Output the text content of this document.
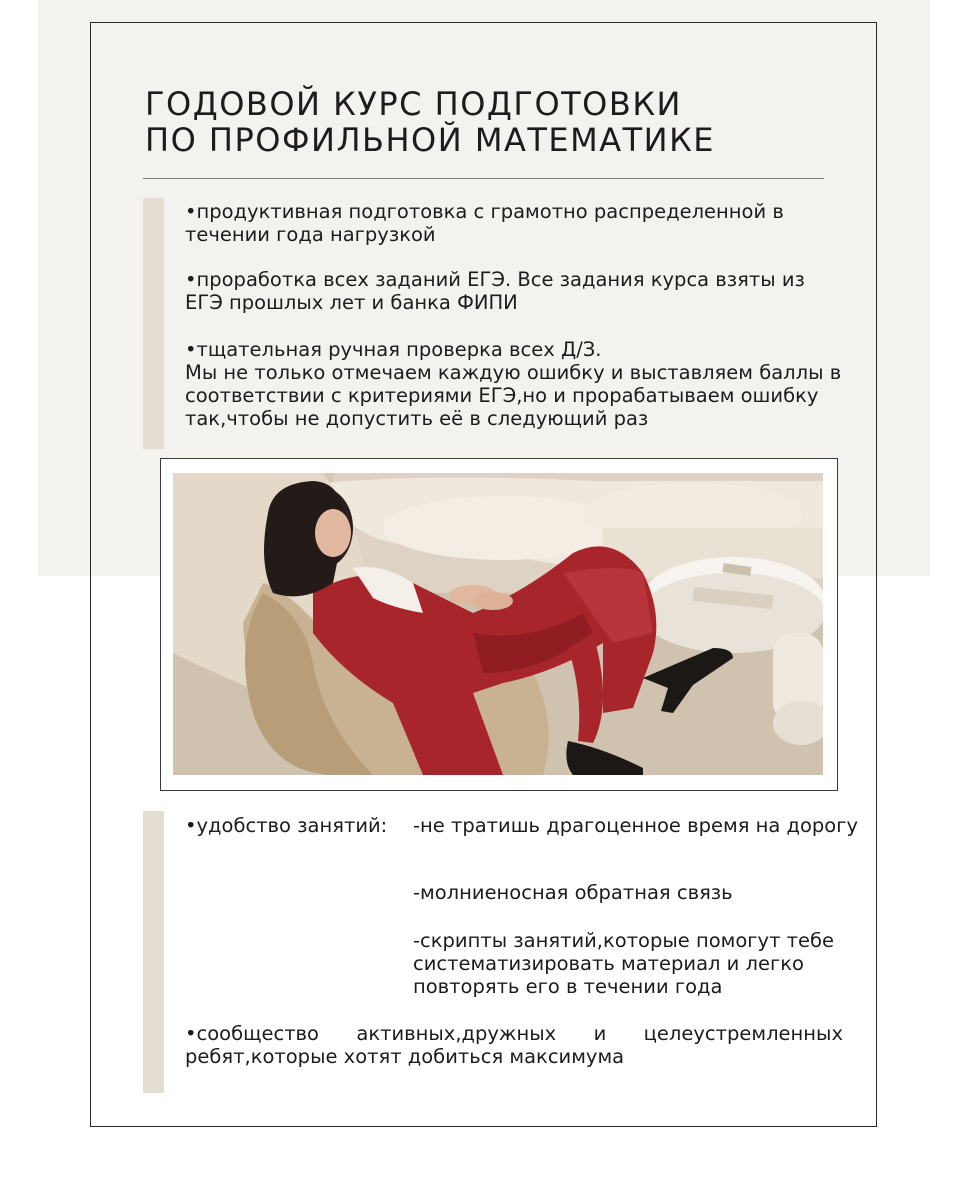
ГОДОВОЙ КУРС ПОДГОТОВКИ
ПО ПРОФИЛЬНОЙ МАТЕМАТИКЕ

•продуктивная подготовка с грамотно распределенной в течении года нагрузкой

•проработка всех заданий ЕГЭ. Все задания курса взяты из ЕГЭ прошлых лет и банка ФИПИ

•тщательная ручная проверка всех Д/З.

Мы не только отмечаем каждую ошибку и выставляем баллы в соответствии с критериями ЕГЭ,но и прорабатываем ошибку так,чтобы не допустить её в следующий раз

•удобство занятий: -не тратишь драгоценное время на дорогу
-молниеносная обратная связь
-скрипты занятий,которые помогут тебе систематизировать материал и легко повторять его в течении года
•сообщество активных,дружных и целеустремленных ребят,которые хотят добиться максимума
